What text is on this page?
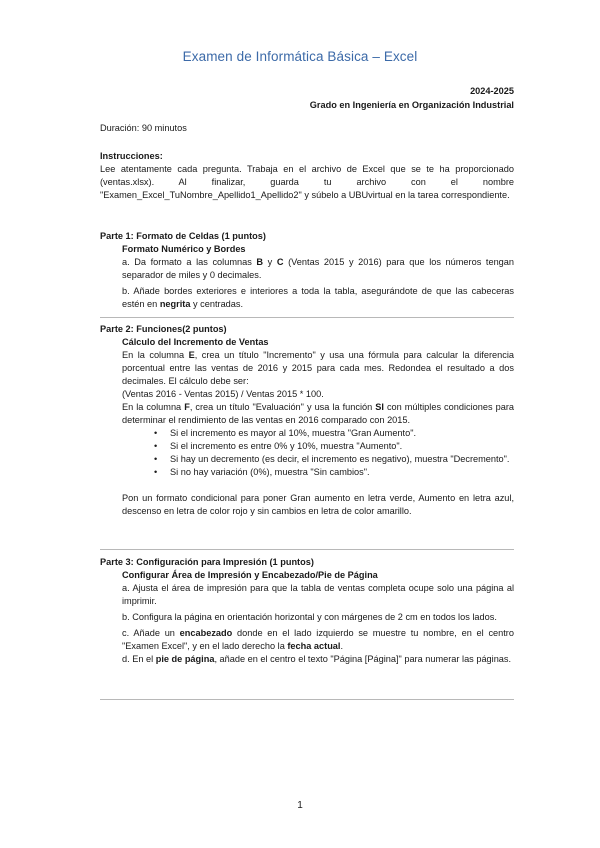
Examen de Informática Básica – Excel
2024-2025
Grado en Ingeniería en Organización Industrial
Duración: 90 minutos
Instrucciones:

Lee atentamente cada pregunta. Trabaja en el archivo de Excel que se te ha proporcionado (ventas.xlsx). Al finalizar, guarda tu archivo con el nombre "Examen_Excel_TuNombre_Apellido1_Apellido2" y súbelo a UBUvirtual en la tarea correspondiente.

Parte 1: Formato de Celdas (1 puntos)
Formato Numérico y Bordes

a. Da formato a las columnas B y C (Ventas 2015 y 2016) para que los números tengan separador de miles y 0 decimales.

b. Añade bordes exteriores e interiores a toda la tabla, asegurándote de que las cabeceras estén en negrita y centradas.

Parte 2: Funciones(2 puntos)
Cálculo del Incremento de Ventas

En la columna E, crea un título "Incremento" y usa una fórmula para calcular la diferencia porcentual entre las ventas de 2016 y 2015 para cada mes. Redondea el resultado a dos decimales. El cálculo debe ser:

(Ventas 2016 - Ventas 2015) / Ventas 2015 * 100.

En la columna F, crea un título "Evaluación" y usa la función SI con múltiples condiciones para determinar el rendimiento de las ventas en 2016 comparado con 2015.

• Si el incremento es mayor al 10%, muestra "Gran Aumento".
• Si el incremento es entre 0% y 10%, muestra "Aumento".
• Si hay un decremento (es decir, el incremento es negativo), muestra "Decremento".
• Si no hay variación (0%), muestra "Sin cambios".

Pon un formato condicional para poner Gran aumento en letra verde, Aumento en letra azul, descenso en letra de color rojo y sin cambios en letra de color amarillo.

Parte 3: Configuración para Impresión (1 puntos)
Configurar Área de Impresión y Encabezado/Pie de Página

a. Ajusta el área de impresión para que la tabla de ventas completa ocupe solo una página al imprimir.

b. Configura la página en orientación horizontal y con márgenes de 2 cm en todos los lados.

c. Añade un encabezado donde en el lado izquierdo se muestre tu nombre, en el centro "Examen Excel", y en el lado derecho la fecha actual.

d. En el pie de página, añade en el centro el texto "Página [Página]" para numerar las páginas.

1
